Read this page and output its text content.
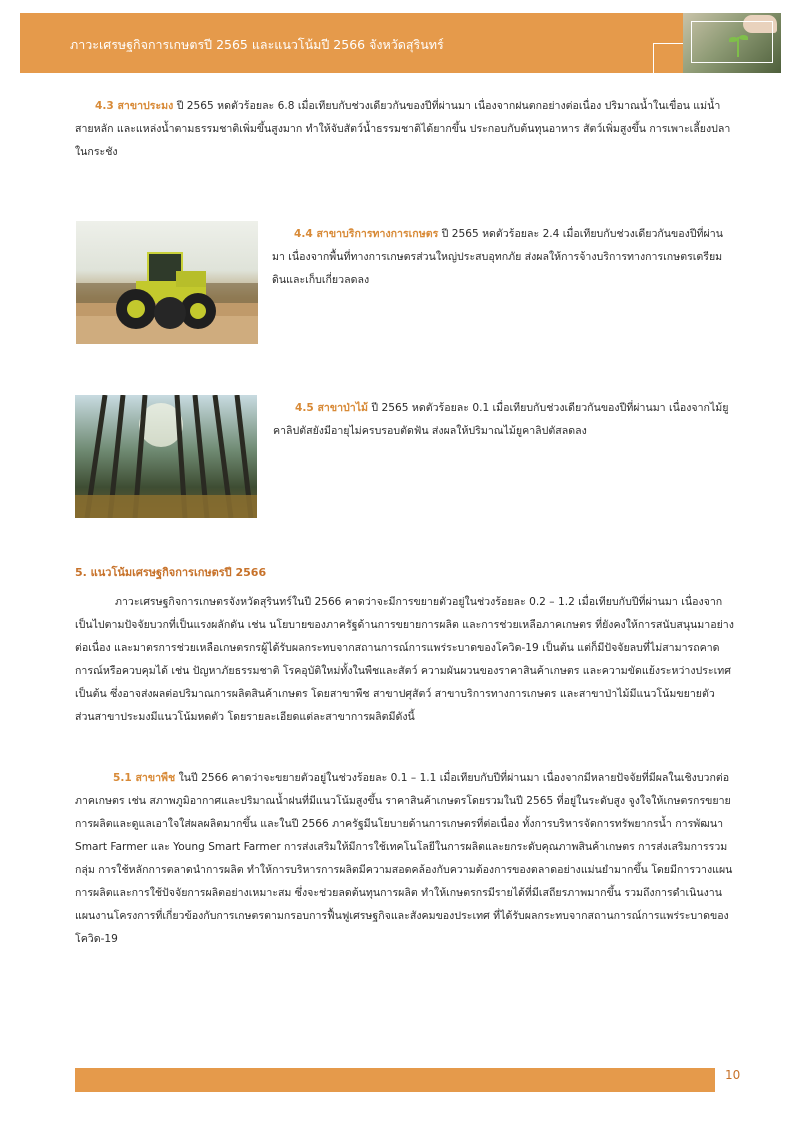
ภาวะเศรษฐกิจการเกษตรปี 2565 และแนวโน้มปี 2566 จังหวัดสุรินทร์

4.3 สาขาประมง ปี 2565 หดตัวร้อยละ 6.8 เมื่อเทียบกับช่วงเดียวกันของปีที่ผ่านมา เนื่องจากฝนตกอย่างต่อเนื่อง ปริมาณน้ำในเขื่อน แม่น้ำสายหลัก และแหล่งน้ำตามธรรมชาติเพิ่มขึ้นสูงมาก ทำให้จับสัตว์น้ำธรรมชาติได้ยากขึ้น ประกอบกับต้นทุนอาหาร สัตว์เพิ่มสูงขึ้น การเพาะเลี้ยงปลาในกระชัง

4.4 สาขาบริการทางการเกษตร ปี 2565 หดตัวร้อยละ 2.4 เมื่อเทียบกับช่วงเดียวกันของปีที่ผ่านมา เนื่องจากพื้นที่ทางการเกษตรส่วนใหญ่ประสบอุทกภัย ส่งผลให้การจ้างบริการทางการเกษตรเตรียมดินและเก็บเกี่ยวลดลง

4.5 สาขาป่าไม้ ปี 2565 หดตัวร้อยละ 0.1 เมื่อเทียบกับช่วงเดียวกันของปีที่ผ่านมา เนื่องจากไม้ยูคาลิปตัสยังมีอายุไม่ครบรอบตัดฟัน ส่งผลให้ปริมาณไม้ยูคาลิปตัสลดลง

5. แนวโน้มเศรษฐกิจการเกษตรปี 2566

ภาวะเศรษฐกิจการเกษตรจังหวัดสุรินทร์ในปี 2566 คาดว่าจะมีการขยายตัวอยู่ในช่วงร้อยละ 0.2 – 1.2 เมื่อเทียบกับปีที่ผ่านมา เนื่องจากเป็นไปตามปัจจัยบวกที่เป็นแรงผลักดัน เช่น นโยบายของภาครัฐด้านการขยายการผลิต และการช่วยเหลือภาคเกษตร ที่ยังคงให้การสนับสนุนมาอย่างต่อเนื่อง และมาตรการช่วยเหลือเกษตรกรผู้ได้รับผลกระทบจากสถานการณ์การแพร่ระบาดของโควิด-19 เป็นต้น แต่ก็มีปัจจัยลบที่ไม่สามารถคาดการณ์หรือควบคุมได้ เช่น ปัญหาภัยธรรมชาติ โรคอุบัติใหม่ทั้งในพืชและสัตว์ ความผันผวนของราคาสินค้าเกษตร และความขัดแย้งระหว่างประเทศ เป็นต้น ซึ่งอาจส่งผลต่อปริมาณการผลิตสินค้าเกษตร โดยสาขาพืช สาขาปศุสัตว์ สาขาบริการทางการเกษตร และสาขาป่าไม้มีแนวโน้มขยายตัว ส่วนสาขาประมงมีแนวโน้มหดตัว โดยรายละเอียดแต่ละสาขาการผลิตมีดังนี้

5.1 สาขาพืช ในปี 2566 คาดว่าจะขยายตัวอยู่ในช่วงร้อยละ 0.1 – 1.1 เมื่อเทียบกับปีที่ผ่านมา เนื่องจากมีหลายปัจจัยที่มีผลในเชิงบวกต่อภาคเกษตร เช่น สภาพภูมิอากาศและปริมาณน้ำฝนที่มีแนวโน้มสูงขึ้น ราคาสินค้าเกษตรโดยรวมในปี 2565 ที่อยู่ในระดับสูง จูงใจให้เกษตรกรขยายการผลิตและดูแลเอาใจใส่ผลผลิตมากขึ้น และในปี 2566 ภาครัฐมีนโยบายด้านการเกษตรที่ต่อเนื่อง ทั้งการบริหารจัดการทรัพยากรน้ำ การพัฒนา Smart Farmer และ Young Smart Farmer การส่งเสริมให้มีการใช้เทคโนโลยีในการผลิตและยกระดับคุณภาพสินค้าเกษตร การส่งเสริมการรวมกลุ่ม การใช้หลักการตลาดนำการผลิต ทำให้การบริหารการผลิตมีความสอดคล้องกับความต้องการของตลาดอย่างแม่นยำมากขึ้น โดยมีการวางแผนการผลิตและการใช้ปัจจัยการผลิตอย่างเหมาะสม ซึ่งจะช่วยลดต้นทุนการผลิต ทำให้เกษตรกรมีรายได้ที่มีเสถียรภาพมากขึ้น รวมถึงการดำเนินงานแผนงานโครงการที่เกี่ยวข้องกับการเกษตรตามกรอบการฟื้นฟูเศรษฐกิจและสังคมของประเทศ ที่ได้รับผลกระทบจากสถานการณ์การแพร่ระบาดของโควิด-19

10
